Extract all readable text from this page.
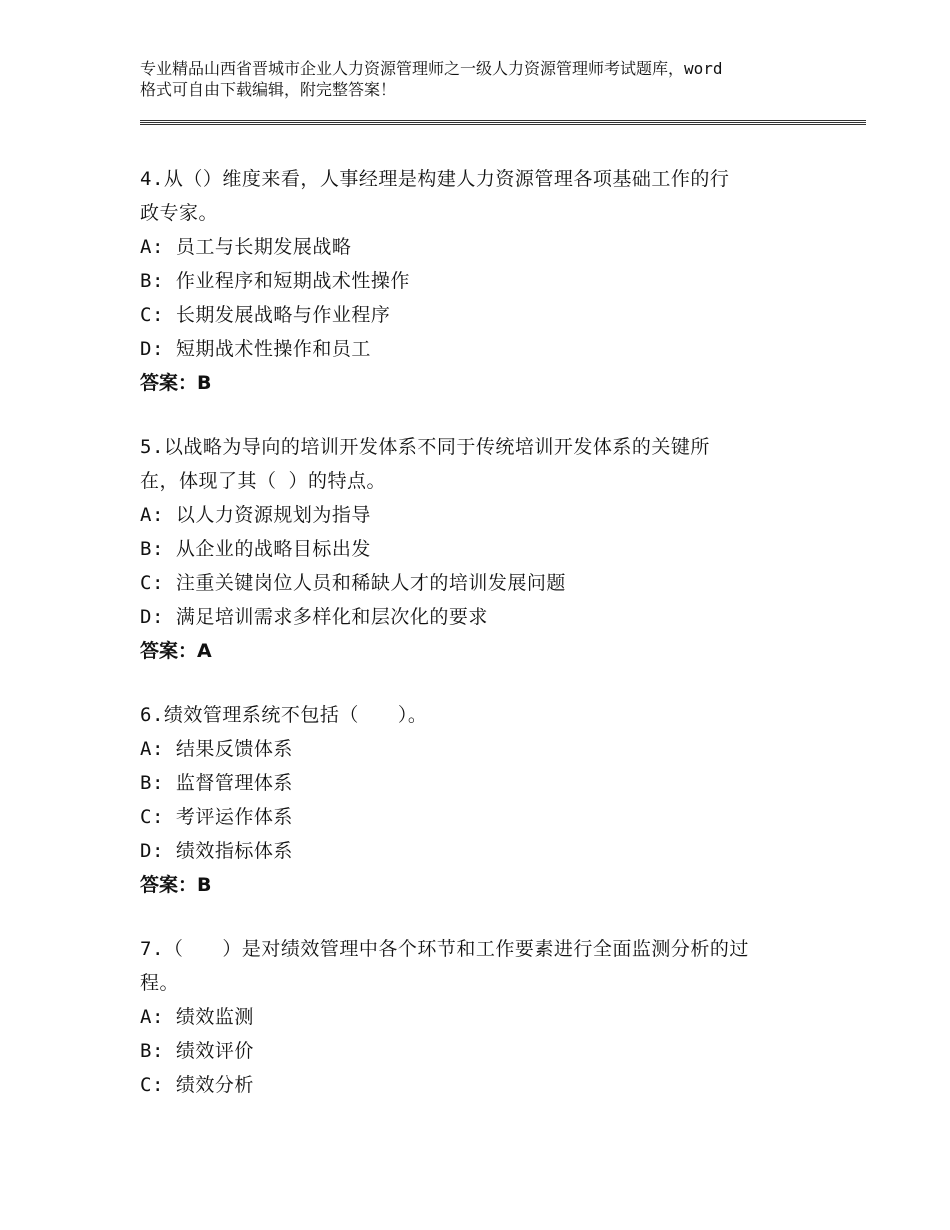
专业精品山西省晋城市企业人力资源管理师之一级人力资源管理师考试题库，word
格式可自由下载编辑，附完整答案！

4.从（）维度来看，人事经理是构建人力资源管理各项基础工作的行

政专家。

A: 员工与长期发展战略

B: 作业程序和短期战术性操作

C: 长期发展战略与作业程序

D: 短期战术性操作和员工

答案：B

5.以战略为导向的培训开发体系不同于传统培训开发体系的关键所

在，体现了其（ ）的特点。

A: 以人力资源规划为指导

B: 从企业的战略目标出发

C: 注重关键岗位人员和稀缺人才的培训发展问题

D: 满足培训需求多样化和层次化的要求

答案：A

6.绩效管理系统不包括（　　）。

A: 结果反馈体系

B: 监督管理体系

C: 考评运作体系

D: 绩效指标体系

答案：B

7.（　　）是对绩效管理中各个环节和工作要素进行全面监测分析的过

程。

A: 绩效监测

B: 绩效评价

C: 绩效分析
